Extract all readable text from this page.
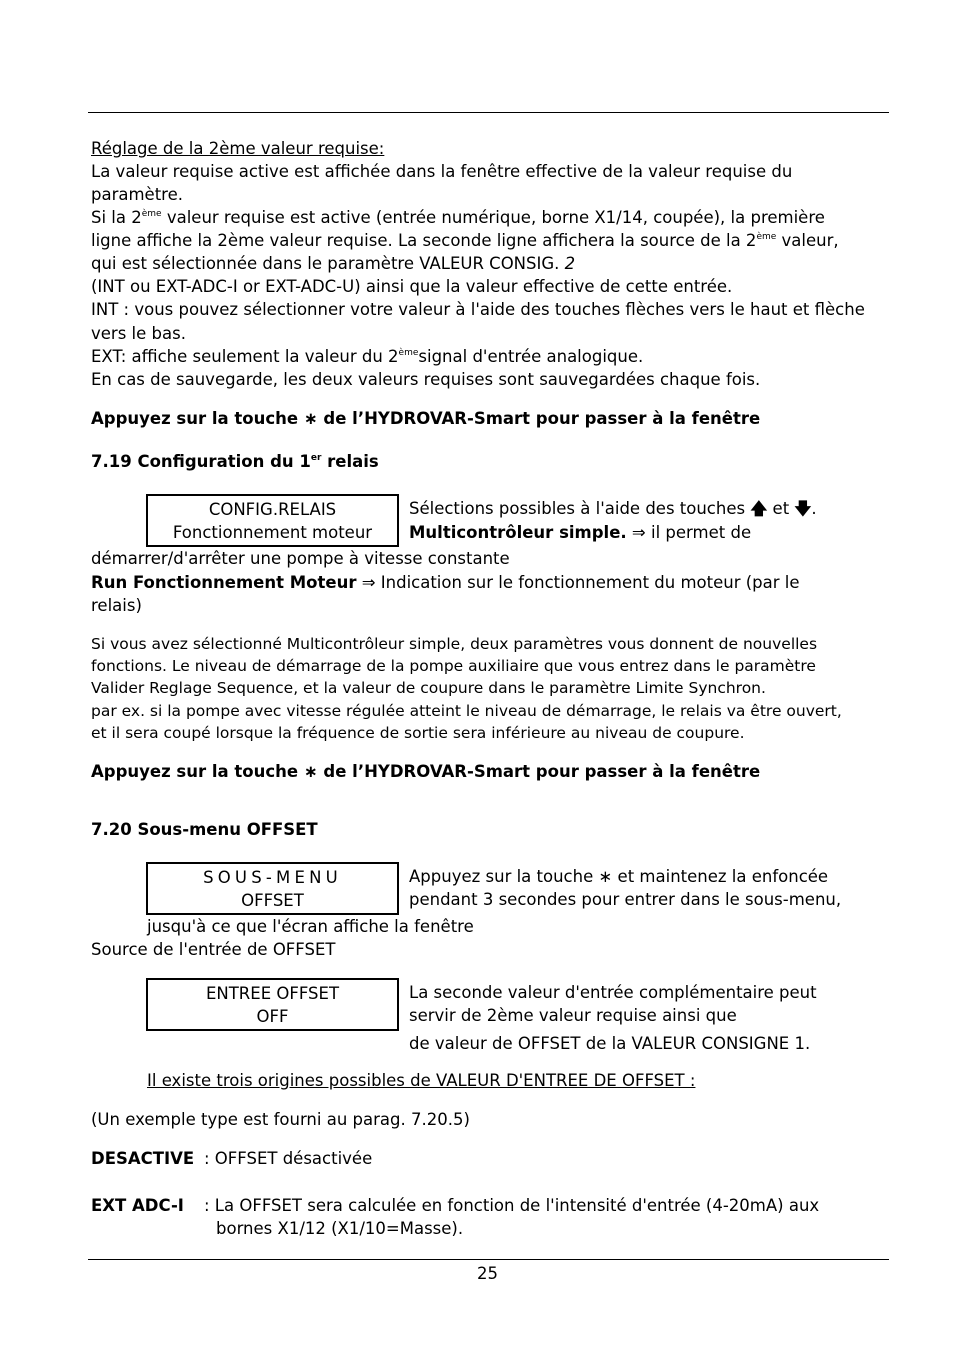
Réglage de la 2ème valeur requise:
La valeur requise active est affichée dans la fenêtre effective de la valeur requise du
paramètre.
Si la 2ème valeur requise est active (entrée numérique, borne X1/14, coupée), la première
ligne affiche la 2ème valeur requise. La seconde ligne affichera la source de la 2ème valeur,
qui est sélectionnée dans le paramètre VALEUR CONSIG. 2
(INT ou EXT-ADC-I or EXT-ADC-U) ainsi que la valeur effective de cette entrée.
INT : vous pouvez sélectionner votre valeur à l'aide des touches flèches vers le haut et flèche
vers le bas.
EXT: affiche seulement la valeur du 2èmesignal d'entrée analogique.
En cas de sauvegarde, les deux valeurs requises sont sauvegardées chaque fois.
Appuyez sur la touche ∗ de l’HYDROVAR-Smart pour passer à la fenêtre
7.19 Configuration du 1er relais
CONFIG.RELAIS
Fonctionnement moteur
Sélections possibles à l'aide des touches 🡅 et 🡇.
Multicontrôleur simple. ⇒ il permet de
démarrer/d'arrêter une pompe à vitesse constante
Run Fonctionnement Moteur ⇒ Indication sur le fonctionnement du moteur (par le
relais)
Si vous avez sélectionné Multicontrôleur simple, deux paramètres vous donnent de nouvelles
fonctions. Le niveau de démarrage de la pompe auxiliaire que vous entrez dans le paramètre
Valider Reglage Sequence, et la valeur de coupure dans le paramètre Limite Synchron.
par ex. si la pompe avec vitesse régulée atteint le niveau de démarrage, le relais va être ouvert,
et il sera coupé lorsque la fréquence de sortie sera inférieure au niveau de coupure.
Appuyez sur la touche ∗ de l’HYDROVAR-Smart pour passer à la fenêtre
7.20 Sous-menu OFFSET
SOUS-MENU
OFFSET
Appuyez sur la touche ∗ et maintenez la enfoncée
pendant 3 secondes pour entrer dans le sous-menu,
jusqu'à ce que l'écran affiche la fenêtre
Source de l'entrée de OFFSET
ENTREE OFFSET
OFF
La seconde valeur d'entrée complémentaire peut
servir de 2ème valeur requise ainsi que
de valeur de OFFSET de la VALEUR CONSIGNE 1.
Il existe trois origines possibles de VALEUR D'ENTREE DE OFFSET :
(Un exemple type est fourni au parag. 7.20.5)
DESACTIVE : OFFSET désactivée
EXT ADC-I : La OFFSET sera calculée en fonction de l'intensité d'entrée (4-20mA) aux
bornes X1/12 (X1/10=Masse).
25
